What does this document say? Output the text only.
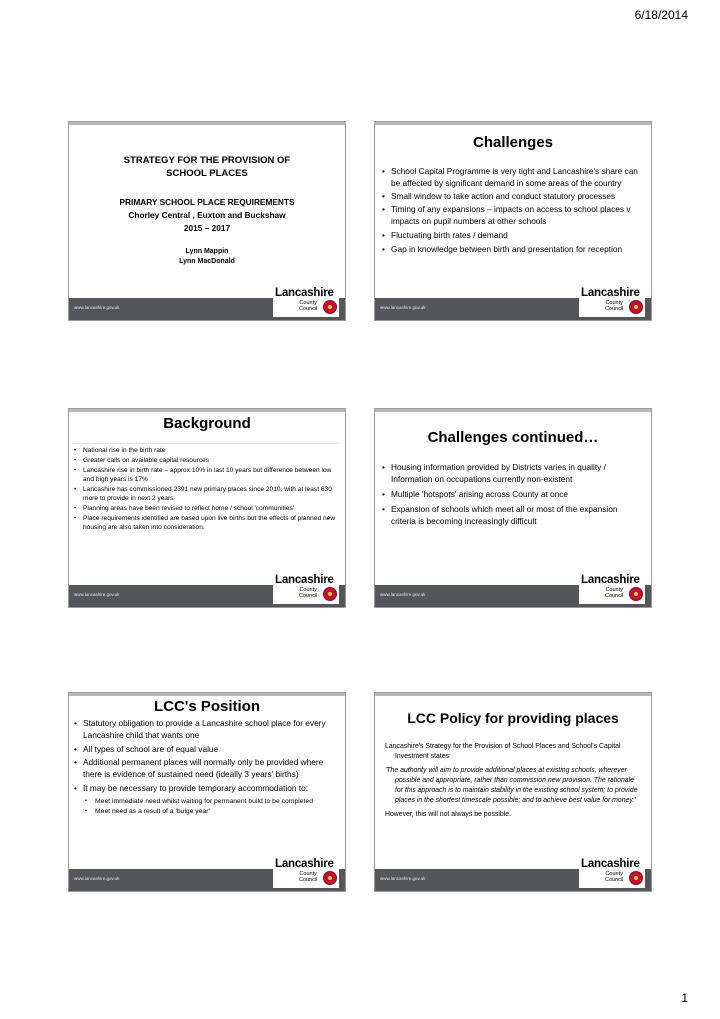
6/18/2014
STRATEGY FOR THE PROVISION OF
SCHOOL PLACES
PRIMARY SCHOOL PLACE REQUIREMENTS
Chorley Central , Euxton and Buckshaw
2015 – 2017
Lynn Mappin
Lynn MacDonald
www.lancashire.gov.uk
Lancashire
County
Council
Challenges
• School Capital Programme is very tight and Lancashire's share can be affected by significant demand in some areas of the country
• Small window to take action and conduct statutory processes
• Timing of any expansions – impacts on access to school places v impacts on pupil numbers at other schools
• Fluctuating birth rates / demand
• Gap in knowledge between birth and presentation for reception
www.lancashire.gov.uk
Lancashire
County
Council
Background
• National rise in the birth rate
• Greater calls on available capital resources
• Lancashire rise in birth rate – approx 10% in last 10 years but difference between low and high years is 17%
• Lancashire has commissioned 2391 new primary places since 2010, with at least 630 more to provide in next 2 years
• Planning areas have been revised to reflect home / school 'communities'
• Place requirements identified are based upon live births but the effects of planned new housing are also taken into consideration.
www.lancashire.gov.uk
Lancashire
County
Council
Challenges continued…
• Housing information provided by Districts varies in quality / Information on occupations currently non-existent
• Multiple 'hotspots' arising across County at once
• Expansion of schools which meet all or most of the expansion criteria is becoming increasingly difficult
www.lancashire.gov.uk
Lancashire
County
Council
LCC's Position
• Statutory obligation to provide a Lancashire school place for every Lancashire child that wants one
• All types of school are of equal value
• Additional permanent places will normally only be provided where there is evidence of sustained need (ideally 3 years' births)
• It may be necessary to provide temporary accommodation to:
▪ Meet immediate need whilst waiting for permanent build to be completed
▪ Meet need as a result of a 'bulge year'
www.lancashire.gov.uk
Lancashire
County
Council
LCC Policy for providing places
Lancashire's Strategy for the Provision of School Places and School's Capital Investment states:
'The authority will aim to provide additional places at existing schools, wherever possible and appropriate, rather than commission new provision. The rationale for this approach is to maintain stability in the existing school system; to provide places in the shortest timescale possible; and to achieve best value for money.'
However, this will not always be possible.
www.lancashire.gov.uk
Lancashire
County
Council
1
